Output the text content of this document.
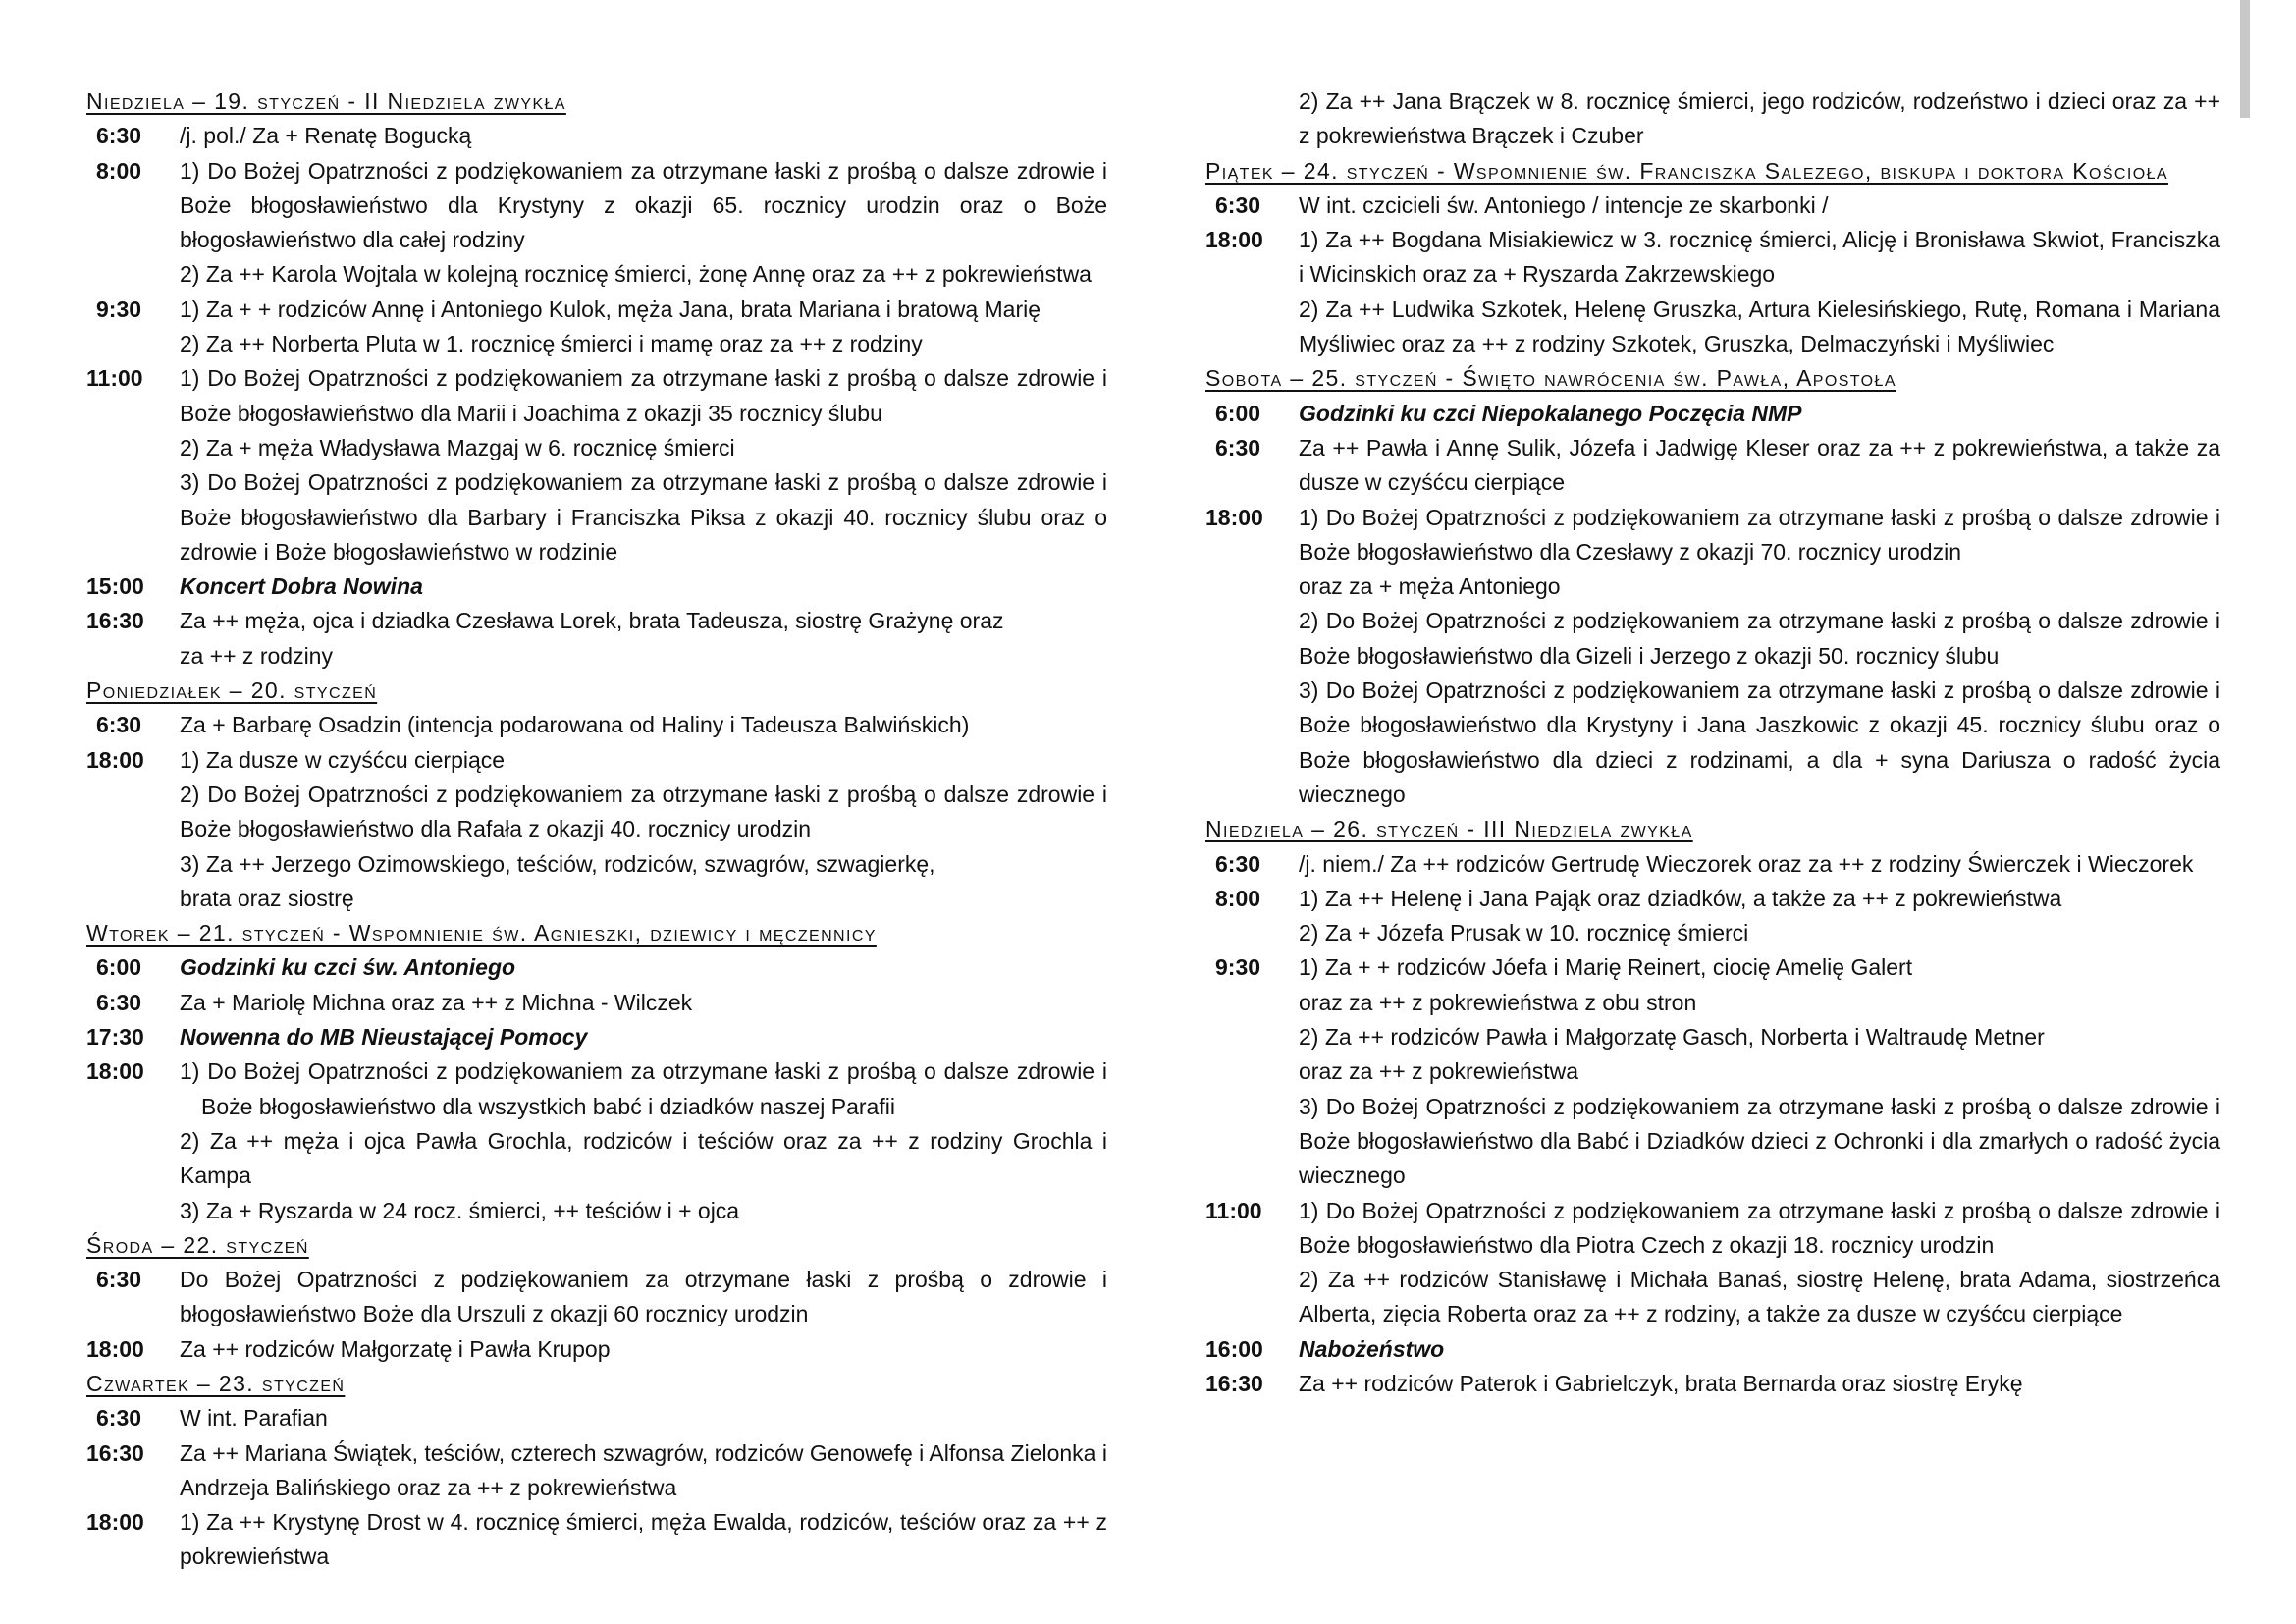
Niedziela – 19. styczeń - II Niedziela zwykła
6:30	/j. pol./ Za + Renatę Bogucką
8:00	1) Do Bożej Opatrzności z podziękowaniem za otrzymane łaski z prośbą o dalsze zdrowie i Boże błogosławieństwo dla Krystyny z okazji 65. rocznicy urodzin oraz o Boże błogosławieństwo dla całej rodziny
2) Za ++ Karola Wojtala w kolejną rocznicę śmierci, żonę Annę oraz za ++ z pokrewieństwa
9:30	1) Za + + rodziców Annę i Antoniego Kulok, męża Jana, brata Mariana i bratową Marię
2) Za ++ Norberta Pluta w 1. rocznicę śmierci i mamę oraz za ++ z rodziny
11:00	1) Do Bożej Opatrzności z podziękowaniem za otrzymane łaski z prośbą o dalsze zdrowie i Boże błogosławieństwo dla Marii i Joachima z okazji 35 rocznicy ślubu
2) Za + męża Władysława Mazgaj w 6. rocznicę śmierci
3) Do Bożej Opatrzności z podziękowaniem za otrzymane łaski z prośbą o dalsze zdrowie i Boże błogosławieństwo dla Barbary i Franciszka Piksa z okazji 40. rocznicy ślubu oraz o zdrowie i Boże błogosławieństwo w rodzinie
15:00	Koncert Dobra Nowina
16:30	Za ++ męża, ojca i dziadka Czesława Lorek, brata Tadeusza, siostrę Grażynę oraz
za ++ z rodziny
Poniedziałek – 20. styczeń
6:30	Za + Barbarę Osadzin (intencja podarowana od Haliny i Tadeusza Balwińskich)
18:00	1) Za dusze w czyśćcu cierpiące
2) Do Bożej Opatrzności z podziękowaniem za otrzymane łaski z prośbą o dalsze zdrowie i Boże błogosławieństwo dla Rafała z okazji 40. rocznicy urodzin
3) Za ++ Jerzego Ozimowskiego, teściów, rodziców, szwagrów, szwagierkę,
brata oraz siostrę
Wtorek – 21. styczeń - Wspomnienie św. Agnieszki, dziewicy i męczennicy
6:00	Godzinki ku czci św. Antoniego
6:30	Za + Mariolę Michna oraz za ++ z Michna - Wilczek
17:30	Nowenna do MB Nieustającej Pomocy
18:00	1) Do Bożej Opatrzności z podziękowaniem za otrzymane łaski z prośbą o dalsze zdrowie i Boże błogosławieństwo dla wszystkich babć i dziadków naszej Parafii
2) Za ++ męża i ojca Pawła Grochla, rodziców i teściów oraz za ++ z rodziny Grochla i Kampa
3) Za + Ryszarda w 24 rocz. śmierci, ++ teściów i + ojca
Środa – 22. styczeń
6:30	Do Bożej Opatrzności z podziękowaniem za otrzymane łaski z prośbą o zdrowie i błogosławieństwo Boże dla Urszuli z okazji 60 rocznicy urodzin
18:00	Za ++ rodziców Małgorzatę i Pawła Krupop
Czwartek – 23. styczeń
6:30	W int. Parafian
16:30	Za ++ Mariana Świątek, teściów, czterech szwagrów, rodziców Genowefę i Alfonsa Zielonka i Andrzeja Balińskiego oraz za ++ z pokrewieństwa
18:00	1) Za ++ Krystynę Drost w 4. rocznicę śmierci, męża Ewalda, rodziców, teściów oraz za ++ z pokrewieństwa
2) Za ++ Jana Brączek w 8. rocznicę śmierci, jego rodziców, rodzeństwo i dzieci oraz za ++ z pokrewieństwa Brączek i Czuber
Piątek – 24. styczeń - Wspomnienie św. Franciszka Salezego, biskupa i doktora Kościoła
6:30	W int. czcicieli św. Antoniego / intencje ze skarbonki /
18:00	1) Za ++ Bogdana Misiakiewicz w 3. rocznicę śmierci, Alicję i Bronisława Skwiot, Franciszka i Wicinskich oraz za + Ryszarda Zakrzewskiego
2) Za ++ Ludwika Szkotek, Helenę Gruszka, Artura Kielesińskiego, Rutę, Romana i Mariana Myśliwiec oraz za ++ z rodziny Szkotek, Gruszka, Delmaczyński i Myśliwiec
Sobota – 25. styczeń - Święto nawrócenia św. Pawła, Apostoła
6:00	Godzinki ku czci Niepokalanego Poczęcia NMP
6:30	Za ++ Pawła i Annę Sulik, Józefa i Jadwigę Kleser oraz za ++ z pokrewieństwa, a także za dusze w czyśćcu cierpiące
18:00	1) Do Bożej Opatrzności z podziękowaniem za otrzymane łaski z prośbą o dalsze zdrowie i Boże błogosławieństwo dla Czesławy z okazji 70. rocznicy urodzin
oraz za + męża Antoniego
2) Do Bożej Opatrzności z podziękowaniem za otrzymane łaski z prośbą o dalsze zdrowie i Boże błogosławieństwo dla Gizeli i Jerzego z okazji 50. rocznicy ślubu
3) Do Bożej Opatrzności z podziękowaniem za otrzymane łaski z prośbą o dalsze zdrowie i Boże błogosławieństwo dla Krystyny i Jana Jaszkowic z okazji 45. rocznicy ślubu oraz o Boże błogosławieństwo dla dzieci z rodzinami, a dla + syna Dariusza o radość życia wiecznego
Niedziela – 26. styczeń - III Niedziela zwykła
6:30	/j. niem./ Za ++ rodziców Gertrudę Wieczorek oraz za ++ z rodziny Świerczek i Wieczorek
8:00	1) Za ++ Helenę i Jana Pająk oraz dziadków, a także za ++ z pokrewieństwa
2) Za + Józefa Prusak w 10. rocznicę śmierci
9:30	1) Za + + rodziców Jóefa i Marię Reinert, ciocię Amelię Galert
oraz za ++ z pokrewieństwa z obu stron
2) Za ++ rodziców Pawła i Małgorzatę Gasch, Norberta i Waltraudę Metner
oraz za ++ z pokrewieństwa
3) Do Bożej Opatrzności z podziękowaniem za otrzymane łaski z prośbą o dalsze zdrowie i Boże błogosławieństwo dla Babć i Dziadków dzieci z Ochronki i dla zmarłych o radość życia wiecznego
11:00	1) Do Bożej Opatrzności z podziękowaniem za otrzymane łaski z prośbą o dalsze zdrowie i Boże błogosławieństwo dla Piotra Czech z okazji 18. rocznicy urodzin
2) Za ++ rodziców Stanisławę i Michała Banaś, siostrę Helenę, brata Adama, siostrzeńca Alberta, zięcia Roberta oraz za ++ z rodziny, a także za dusze w czyśćcu cierpiące
16:00	Nabożeństwo
16:30	Za ++ rodziców Paterok i Gabrielczyk, brata Bernarda oraz siostrę Erykę
